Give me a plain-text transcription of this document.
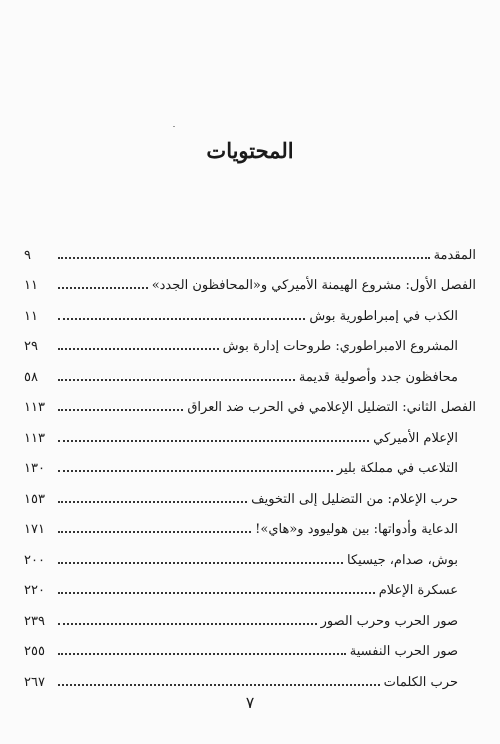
المحتويات
المقدمة
٩
الفصل الأول: مشروع الهيمنة الأميركي و«المحافظون الجدد»
١١
الكذب في إمبراطورية بوش
١١
المشروع الامبراطوري: طروحات إدارة بوش
٢٩
محافظون جدد وأصولية قديمة
٥٨
الفصل الثاني: التضليل الإعلامي في الحرب ضد العراق
١١٣
الإعلام الأميركي
١١٣
التلاعب في مملكة بلير
١٣٠
حرب الإعلام: من التضليل إلى التخويف
١٥٣
الدعاية وأدواتها: بين هوليوود و«هاي»!
١٧١
بوش، صدام، جيسيكا
٢٠٠
عسكرة الإعلام
٢٢٠
صور الحرب وحرب الصور
٢٣٩
صور الحرب النفسية
٢٥٥
حرب الكلمات
٢٦٧
٧
